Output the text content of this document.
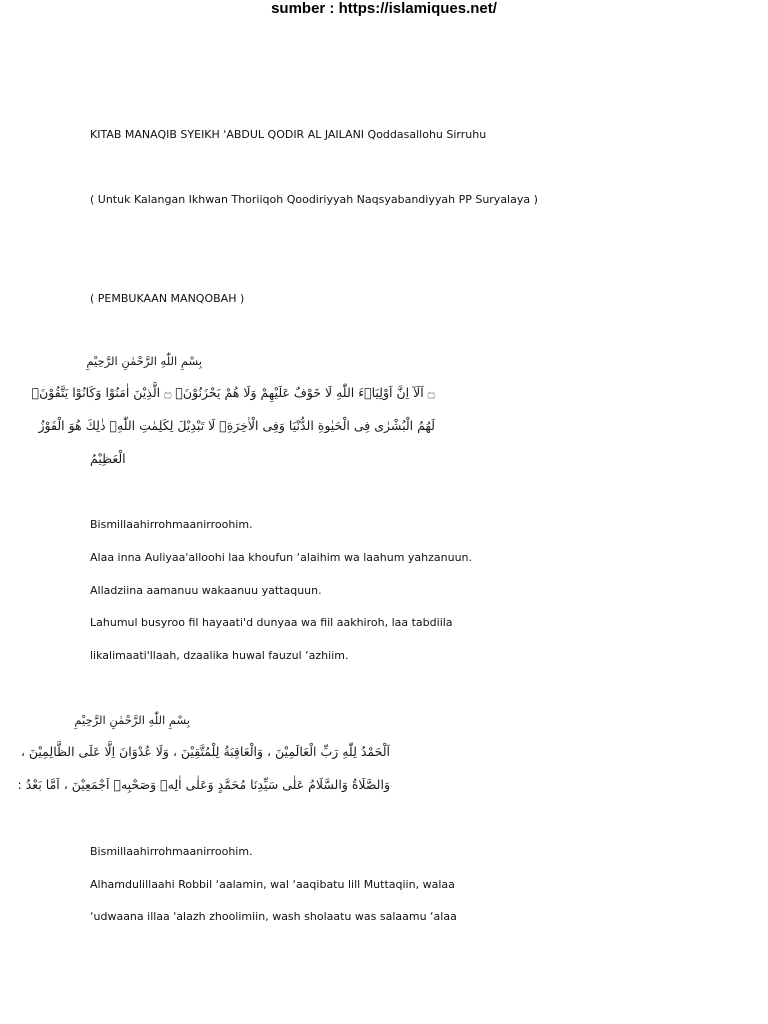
sumber : https://islamiques.net/
KITAB MANAQIB SYEIKH 'ABDUL QODIR AL JAILANI Qoddasallohu Sirruhu
( Untuk Kalangan Ikhwan Thoriiqoh Qoodiriyyah Naqsyabandiyyah PP Suryalaya )
( PEMBUKAAN MANQOBAH )
بِسْمِ اللّٰهِ الرَّحْمٰنِ الرَّحِيْمِ
۝ اَلَآ اِنَّ اَوْلِيَاۤءَ اللّٰهِ لَا خَوْفٌ عَلَيْهِمْ وَلَا هُمْ يَحْزَنُوْنَۚ ۝ الَّذِيْنَ اٰمَنُوْا وَكَانُوْا يَتَّقُوْنَۗ
لَهُمُ الْبُشْرٰى فِى الْحَيٰوةِ الدُّنْيَا وَفِى الْاٰخِرَةِۗ لَا تَبْدِيْلَ لِكَلِمٰتِ اللّٰهِۗ ذٰلِكَ هُوَ الْفَوْزُ
الْعَظِيْمُ
Bismillaahirrohmaanirroohim.
Alaa inna Auliyaa'alloohi laa khoufun ‘alaihim wa laahum yahzanuun.
Alladziina aamanuu wakaanuu yattaquun.
Lahumul busyroo fil hayaati'd dunyaa wa fiil aakhiroh, laa tabdiila
likalimaati'llaah, dzaalika huwal fauzul ‘azhiim.
بِسْمِ اللّٰهِ الرَّحْمٰنِ الرَّحِيْمِ
اَلْحَمْدُ لِلّٰهِ رَبِّ الْعَالَمِيْنَ ، وَالْعَاقِبَةُ لِلْمُتَّقِيْنَ ، وَلَا عُدْوَانَ اِلَّا عَلَى الظَّالِمِيْنَ ،
وَالصَّلَاةُ وَالسَّلَامُ عَلٰى سَيِّدِنَا مُحَمَّدٍ وَعَلٰى اٰلِهٖ وَصَحْبِهٖ اَجْمَعِيْنَ ، اَمَّا بَعْدُ :
Bismillaahirrohmaanirroohim.
Alhamdulillaahi Robbil ‘aalamin, wal ‘aaqibatu lill Muttaqiin, walaa
‘udwaana illaa 'alazh zhoolimiin, wash sholaatu was salaamu ‘alaa
